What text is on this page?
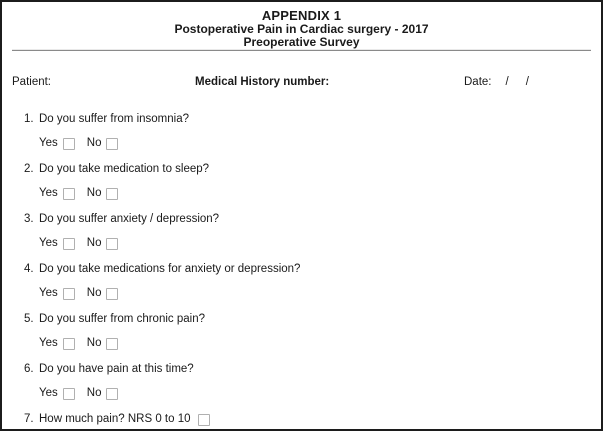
APPENDIX 1
Postoperative Pain in Cardiac surgery - 2017
Preoperative Survey
Patient:	Medical History number:	Date: / /
1. Do you suffer from insomnia?
Yes	No
2. Do you take medication to sleep?
Yes	No
3. Do you suffer anxiety / depression?
Yes	No
4. Do you take medications for anxiety or depression?
Yes	No
5. Do you suffer from chronic pain?
Yes	No
6. Do you have pain at this time?
Yes	No
7. How much pain? NRS 0 to 10
